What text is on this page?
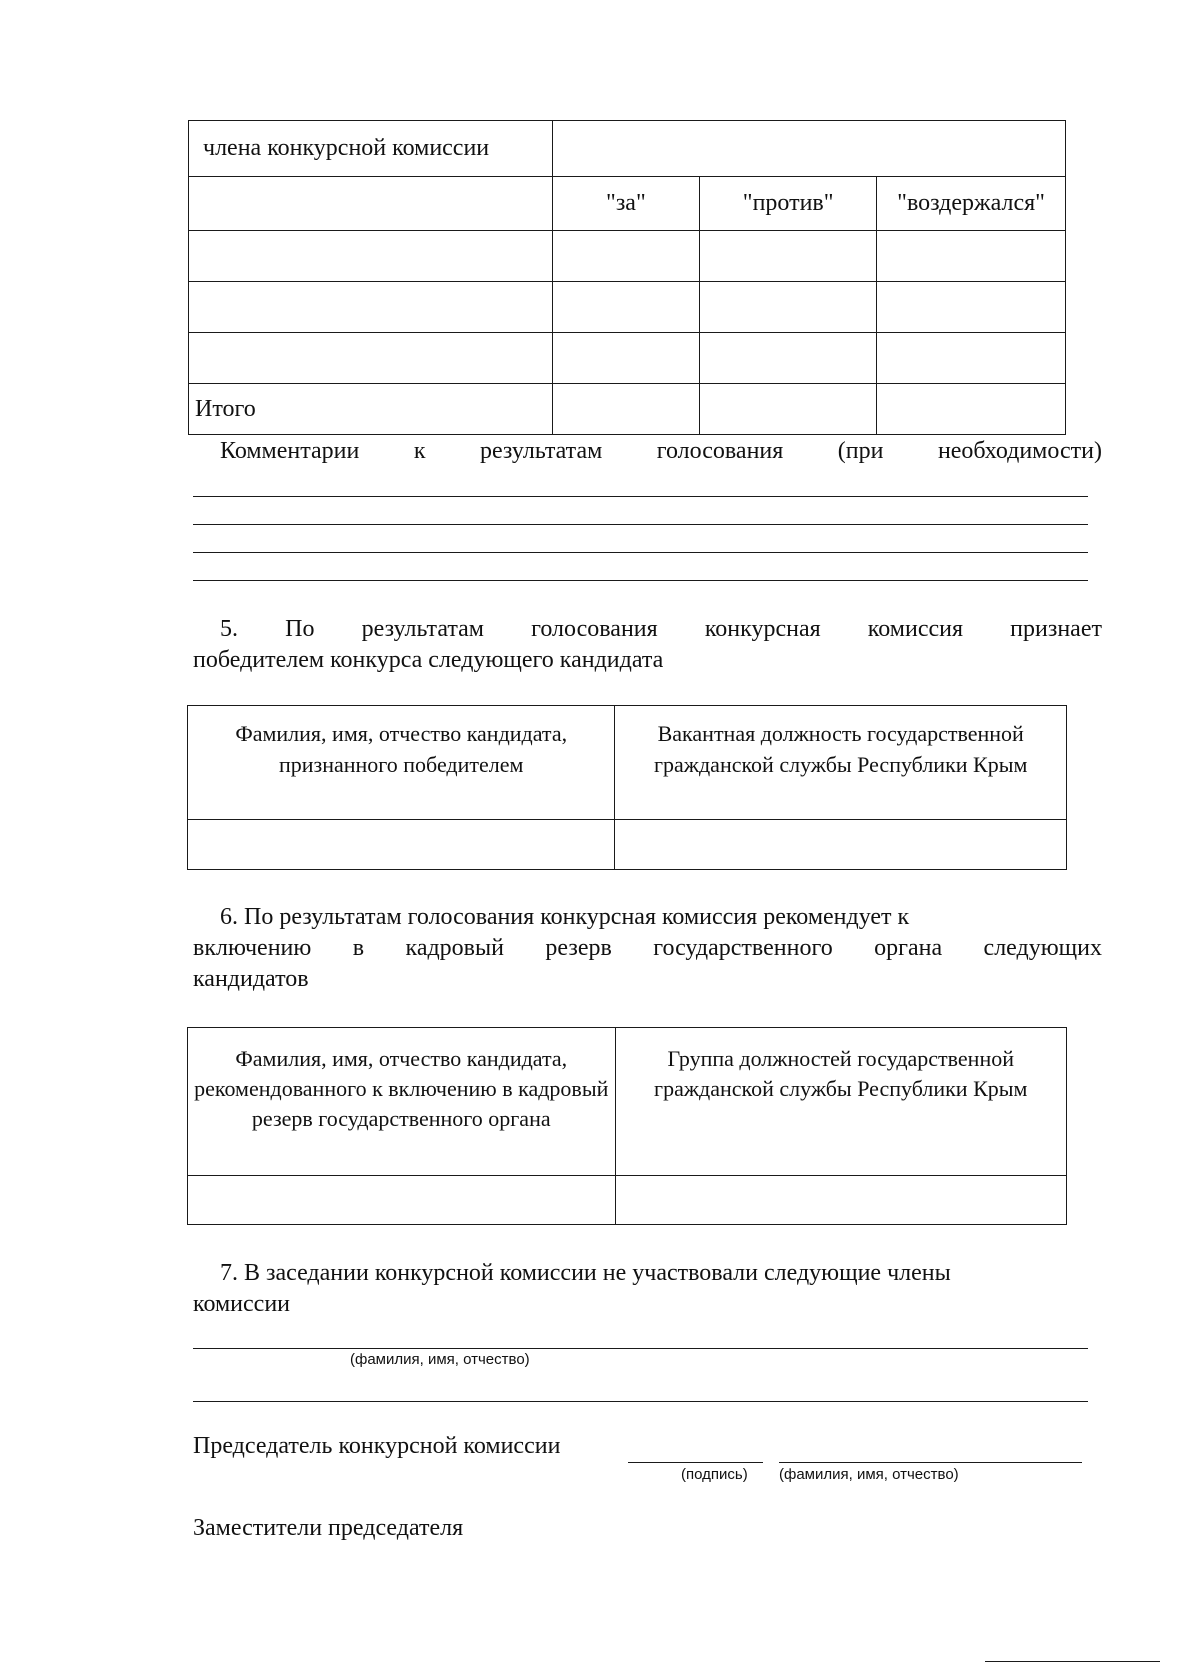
члена конкурсной комиссии			
	"за"	"против"	"воздержался"

Итого			
Комментарии к результатам голосования (при необходимости)
5. По результатам голосования конкурсная комиссия признает
победителем конкурса следующего кандидата
Фамилия, имя, отчество кандидата, признанного победителем	Вакантная должность государственной гражданской службы Республики Крым

6. По результатам голосования конкурсная комиссия рекомендует к
включению в кадровый резерв государственного органа следующих
кандидатов
Фамилия, имя, отчество кандидата, рекомендованного к включению в кадровый резерв государственного органа	Группа должностей государственной гражданской службы Республики Крым

7. В заседании конкурсной комиссии не участвовали следующие члены
комиссии
(фамилия, имя, отчество)
Председатель конкурсной комиссии
(подпись) (фамилия, имя, отчество)
Заместители председателя
